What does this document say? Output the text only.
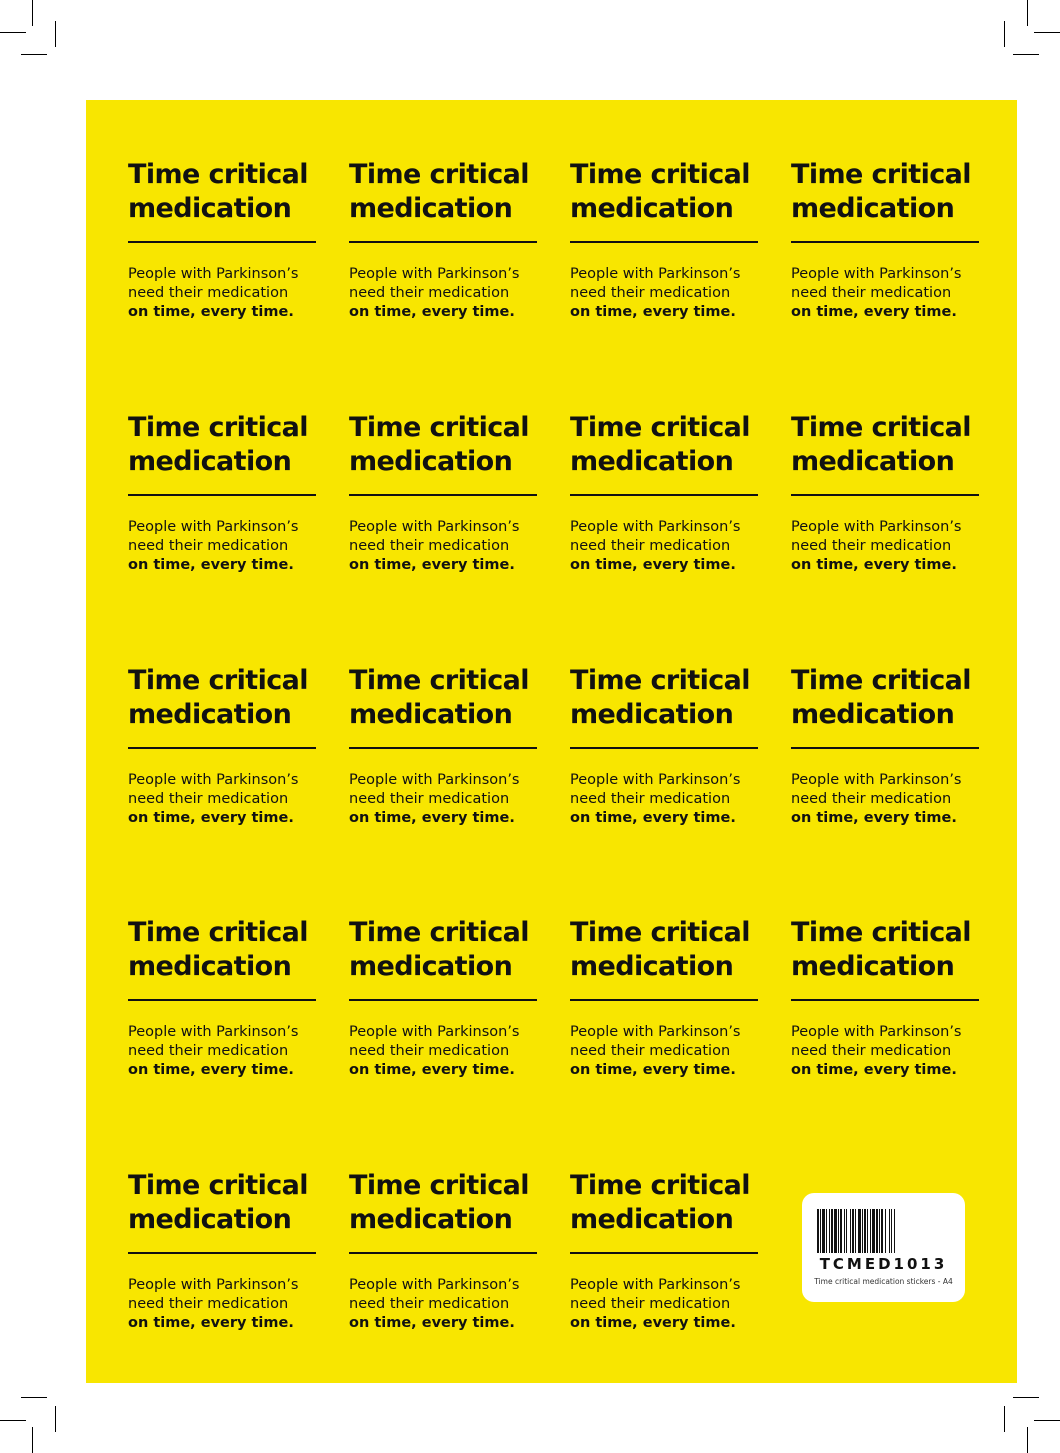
TCMED1013
Time critical medication stickers - A4
Time critical
medication
People with Parkinson’s
need their medication
on time, every time.
Time critical
medication
People with Parkinson’s
need their medication
on time, every time.
Time critical
medication
People with Parkinson’s
need their medication
on time, every time.
Time critical
medication
People with Parkinson’s
need their medication
on time, every time.
Time critical
medication
People with Parkinson’s
need their medication
on time, every time.
Time critical
medication
People with Parkinson’s
need their medication
on time, every time.
Time critical
medication
People with Parkinson’s
need their medication
on time, every time.
Time critical
medication
People with Parkinson’s
need their medication
on time, every time.
Time critical
medication
People with Parkinson’s
need their medication
on time, every time.
Time critical
medication
People with Parkinson’s
need their medication
on time, every time.
Time critical
medication
People with Parkinson’s
need their medication
on time, every time.
Time critical
medication
People with Parkinson’s
need their medication
on time, every time.
Time critical
medication
People with Parkinson’s
need their medication
on time, every time.
Time critical
medication
People with Parkinson’s
need their medication
on time, every time.
Time critical
medication
People with Parkinson’s
need their medication
on time, every time.
Time critical
medication
People with Parkinson’s
need their medication
on time, every time.
Time critical
medication
People with Parkinson’s
need their medication
on time, every time.
Time critical
medication
People with Parkinson’s
need their medication
on time, every time.
Time critical
medication
People with Parkinson’s
need their medication
on time, every time.
